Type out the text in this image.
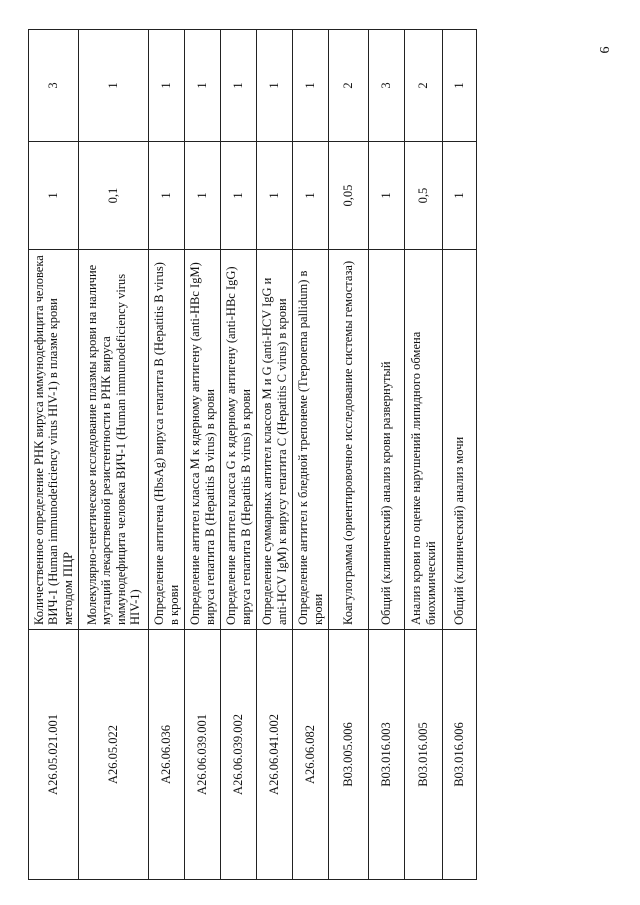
6
A26.05.021.001	Количественное определение РНК вируса иммунодефицита человека ВИЧ-1 (Human immunodeficiency virus HIV-1) в плазме крови методом ПЦР	1	3
A26.05.022	Молекулярно-генетическое исследование плазмы крови на наличие мутаций лекарственной резистентности в РНК вируса иммунодефицита человека ВИЧ-1 (Human immunodeficiency virus HIV-1)	0,1	1
A26.06.036	Определение антигена (HbsAg) вируса гепатита B (Hepatitis B virus) в крови	1	1
A26.06.039.001	Определение антител класса M к ядерному антигену (anti-HBc IgM) вируса гепатита B (Hepatitis B virus) в крови	1	1
A26.06.039.002	Определение антител класса G к ядерному антигену (anti-HBc IgG) вируса гепатита B (Hepatitis B virus) в крови	1	1
A26.06.041.002	Определение суммарных антител классов M и G (anti-HCV IgG и anti-HCV IgM) к вирусу гепатита C (Hepatitis C virus) в крови	1	1
A26.06.082	Определение антител к бледной трепонеме (Treponema pallidum) в крови	1	1
B03.005.006	Коагулограмма (ориентировочное исследование системы гемостаза)	0,05	2
B03.016.003	Общий (клинический) анализ крови развернутый	1	3
B03.016.005	Анализ крови по оценке нарушений липидного обмена биохимический	0,5	2
B03.016.006	Общий (клинический) анализ мочи	1	1
